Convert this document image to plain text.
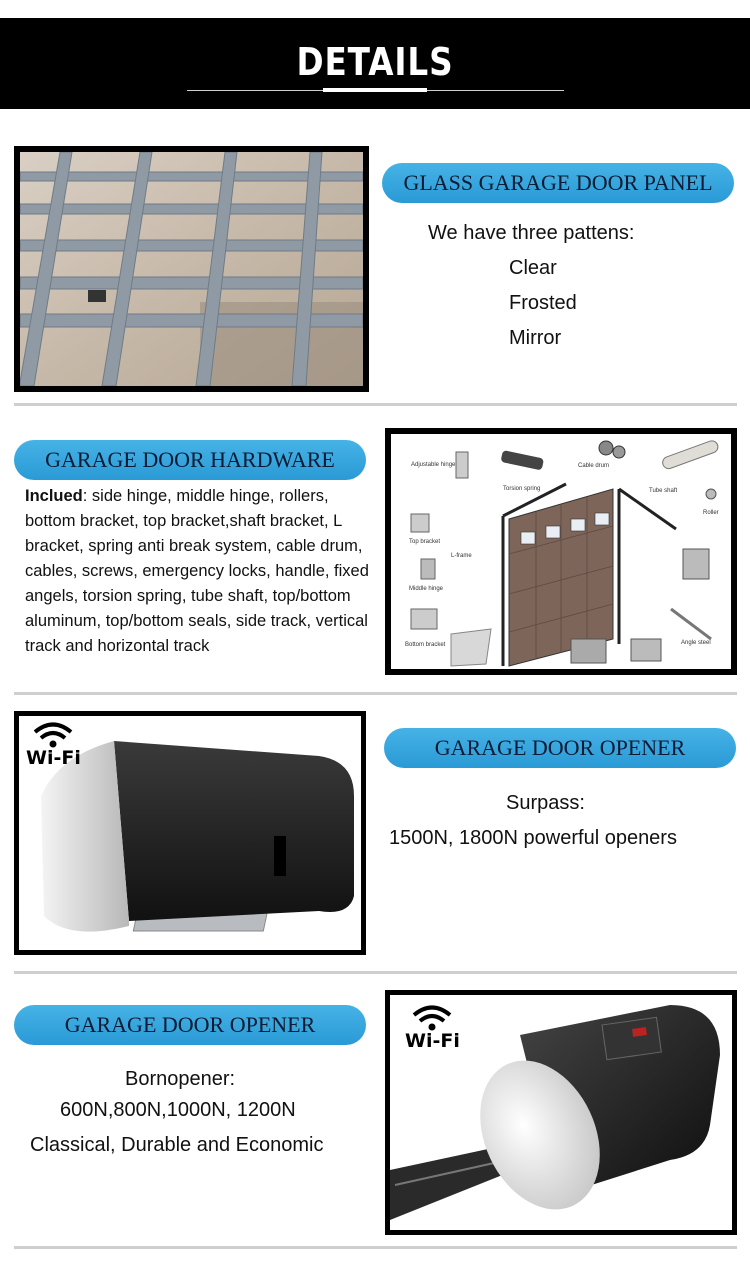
DETAILS
GLASS GARAGE DOOR PANEL
We have three pattens:
Clear
Frosted
Mirror
GARAGE DOOR HARDWARE
Inclued: side hinge, middle hinge, rollers, bottom bracket, top bracket,shaft bracket, L bracket, spring anti break system, cable drum, cables, screws, emergency locks, handle, fixed angels, torsion spring, tube shaft, top/bottom aluminum, top/bottom seals, side track, vertical track and horizontal track
Adjustable hinge
Torsion spring
Cable drum
Tube shaft
Roller
Top bracket
L-frame
Middle hinge
Bottom bracket	Angle steel
Wi-Fi	GARAGE DOOR OPENER
Surpass:
1500N, 1800N powerful openers
GARAGE DOOR OPENER
Bornopener:
600N,800N,1000N, 1200N
Classical, Durable and Economic
Wi-Fi
